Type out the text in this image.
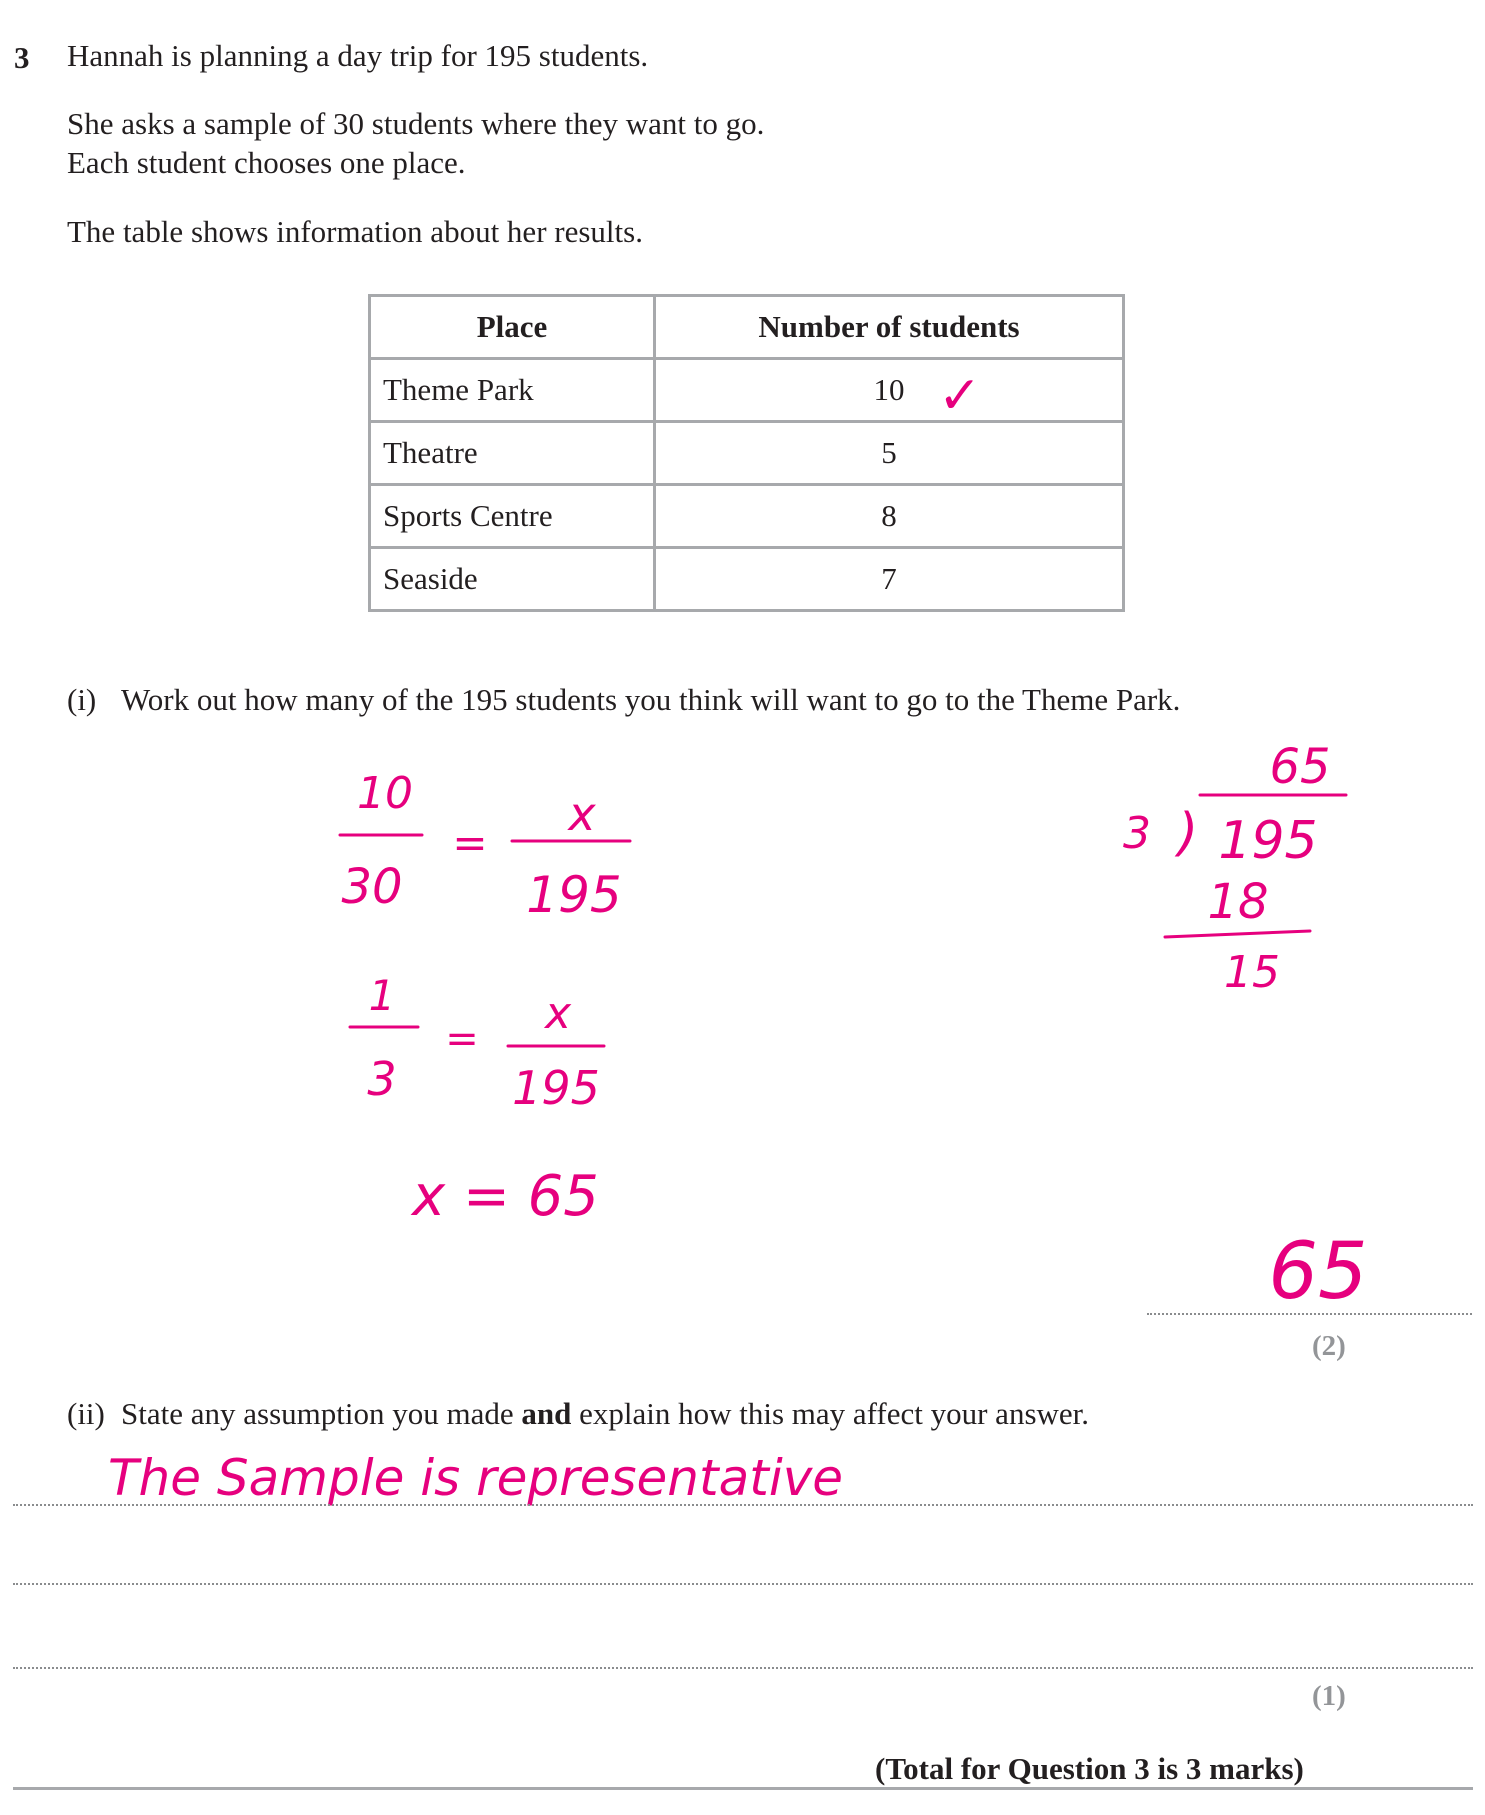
3 Hannah is planning a day trip for 195 students.
She asks a sample of 30 students where they want to go.
Each student chooses one place.
The table shows information about her results.
Place	Number of students
Theme Park	10
Theatre	5
Sports Centre	8
Seaside	7
✓
(i) Work out how many of the 195 students you think will want to go to the Theme Park.
10
30
=
x
195
1
3
= x
195
x = 65
65
3 ) 195
18
15
65
The Sample is representative
(2)
(ii) State any assumption you made and explain how this may affect your answer.
(1)
(Total for Question 3 is 3 marks)
